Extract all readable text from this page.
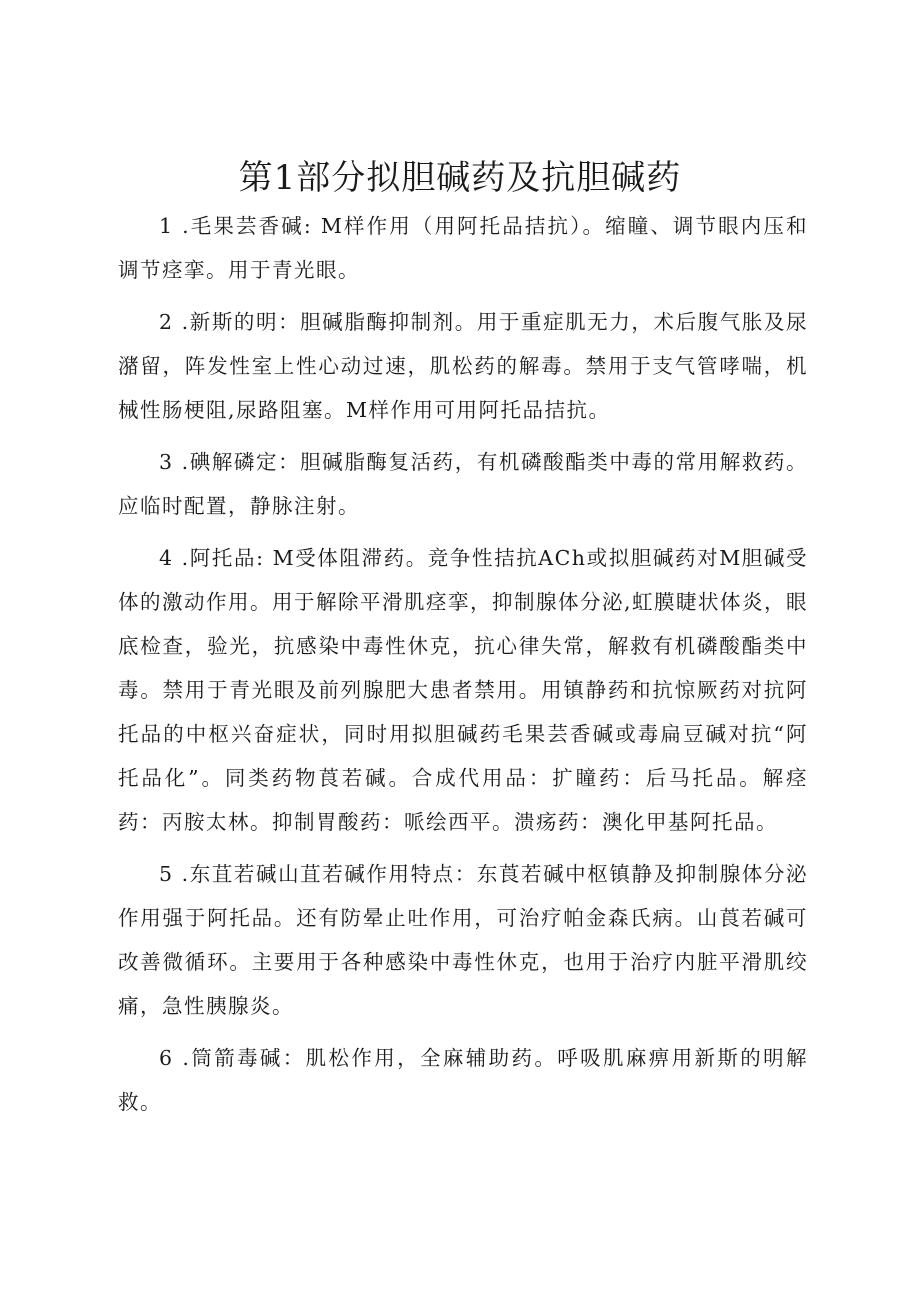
第1部分拟胆碱药及抗胆碱药

1 .毛果芸香碱: M样作用（用阿托品拮抗）。缩瞳、调节眼内压和调节痉挛。用于青光眼。

2 .新斯的明：胆碱脂酶抑制剂。用于重症肌无力，术后腹气胀及尿潴留，阵发性室上性心动过速，肌松药的解毒。禁用于支气管哮喘，机械性肠梗阻,尿路阻塞。M样作用可用阿托品拮抗。

3 .碘解磷定：胆碱脂酶复活药，有机磷酸酯类中毒的常用解救药。应临时配置，静脉注射。

4 .阿托品: M受体阻滞药。竞争性拮抗ACh或拟胆碱药对M胆碱受体的激动作用。用于解除平滑肌痉挛，抑制腺体分泌,虹膜睫状体炎，眼底检查，验光，抗感染中毒性休克，抗心律失常，解救有机磷酸酯类中毒。禁用于青光眼及前列腺肥大患者禁用。用镇静药和抗惊厥药对抗阿托品的中枢兴奋症状，同时用拟胆碱药毛果芸香碱或毒扁豆碱对抗“阿托品化”。同类药物莨若碱。合成代用品：扩瞳药：后马托品。解痉药：丙胺太林。抑制胃酸药：哌绘西平。溃疡药：澳化甲基阿托品。

5 .东苴若碱山苴若碱作用特点：东莨若碱中枢镇静及抑制腺体分泌作用强于阿托品。还有防晕止吐作用，可治疗帕金森氏病。山莨若碱可改善微循环。主要用于各种感染中毒性休克，也用于治疗内脏平滑肌绞痛，急性胰腺炎。

6 .筒箭毒碱：肌松作用，全麻辅助药。呼吸肌麻痹用新斯的明解救。
